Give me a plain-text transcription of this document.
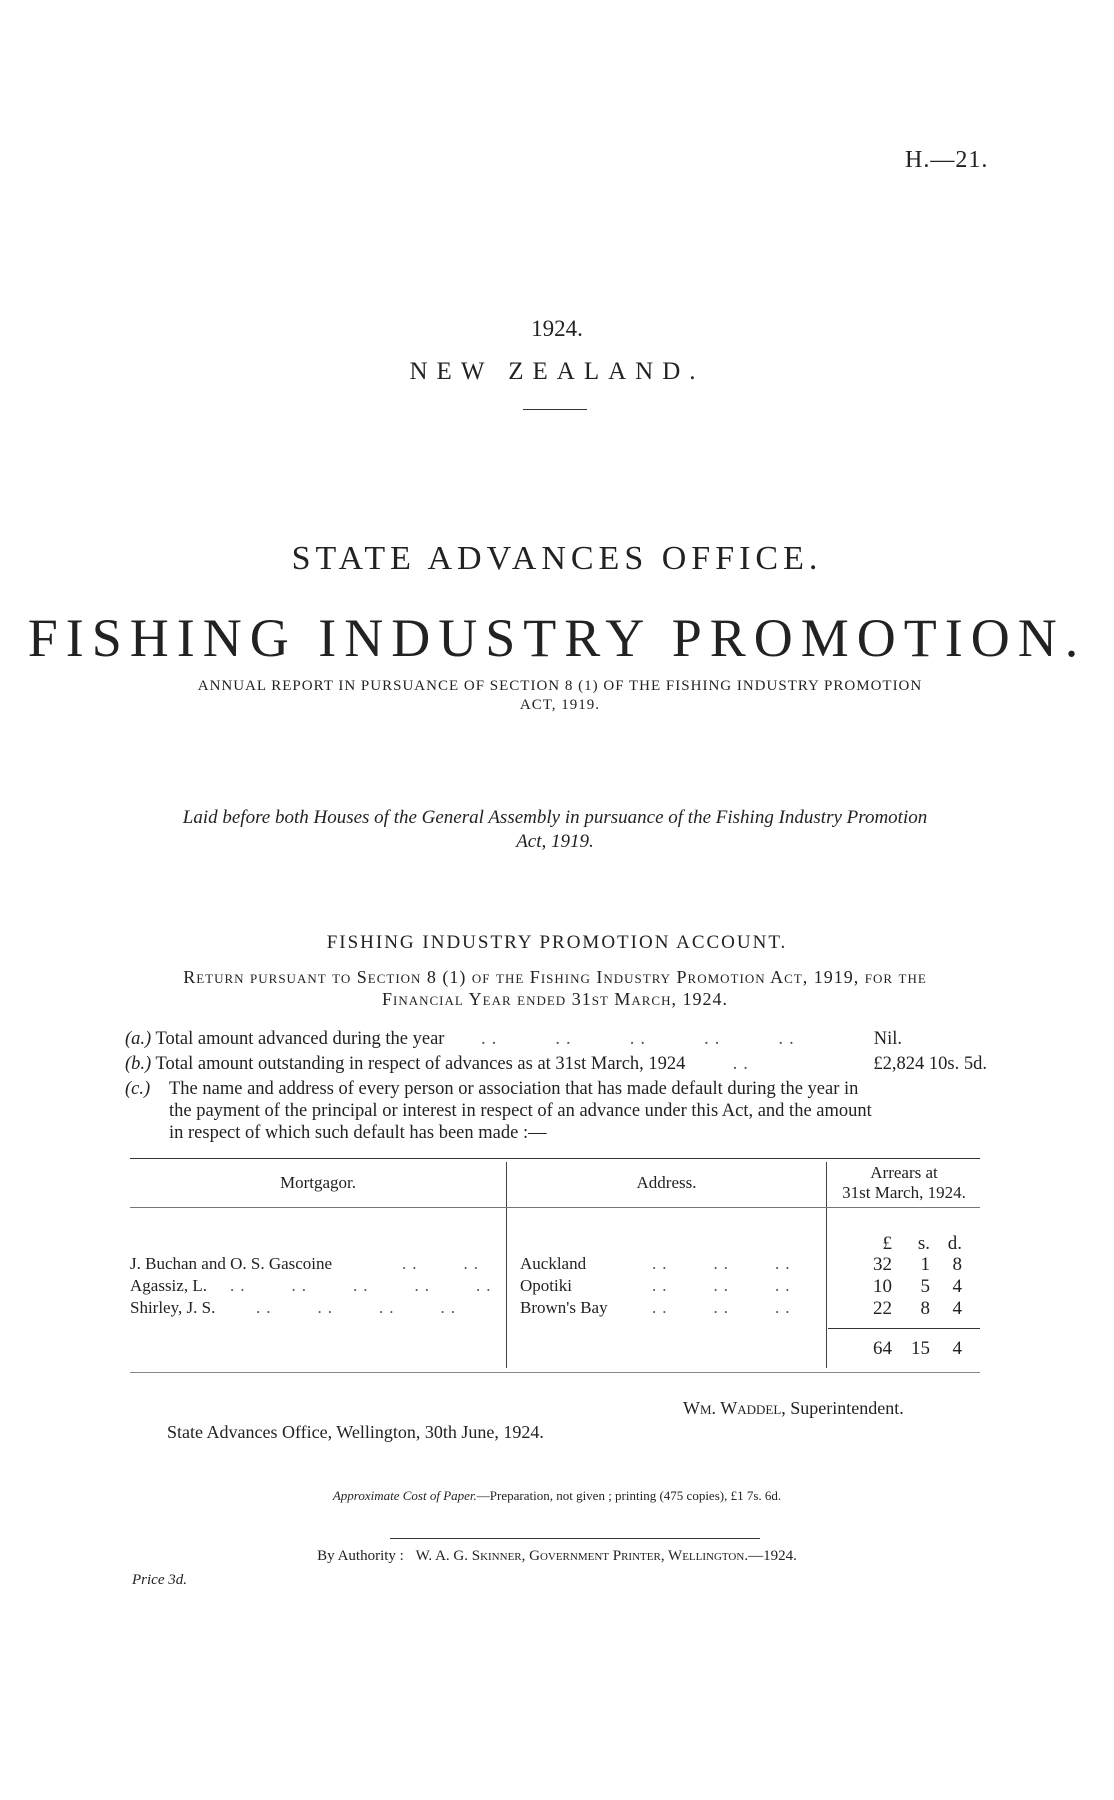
H.—21.
1924.
NEW ZEALAND.
STATE ADVANCES OFFICE.
FISHING INDUSTRY PROMOTION.
ANNUAL REPORT IN PURSUANCE OF SECTION 8 (1) OF THE FISHING INDUSTRY PROMOTION
ACT, 1919.
Laid before both Houses of the General Assembly in pursuance of the Fishing Industry Promotion
Act, 1919.
FISHING INDUSTRY PROMOTION ACCOUNT.
Return pursuant to Section 8 (1) of the Fishing Industry Promotion Act, 1919, for the
Financial Year ended 31st March, 1924.
(a.) Total amount advanced during the year    ..     ..     ..     ..     ..	Nil.
(b.) Total amount outstanding in respect of advances as at 31st March, 1924     ..	£2,824 10s. 5d.
(c.)	The name and address of every person or association that has made default during the year in
the payment of the principal or interest in respect of an advance under this Act, and the amount
in respect of which such default has been made :—
Mortgagor.	Address.
Arrears at
31st March, 1924.
£	s. d.
J. Buchan and O. S. Gascoine	..    .. Auckland	..    ..    ..	32	1	8
Agassiz, L. ..    ..    ..    ..    .. Opotiki	..    ..    ..	10	5	4
Shirley, J. S. ..    ..    ..    ..	Brown's Bay	..    ..    ..	22	8	4
64	15	4
Wm. Waddel, Superintendent.
State Advances Office, Wellington, 30th June, 1924.
Approximate Cost of Paper.—Preparation, not given ; printing (475 copies), £1 7s. 6d.
By Authority : W. A. G. Skinner, Government Printer, Wellington.—1924.
Price 3d.
